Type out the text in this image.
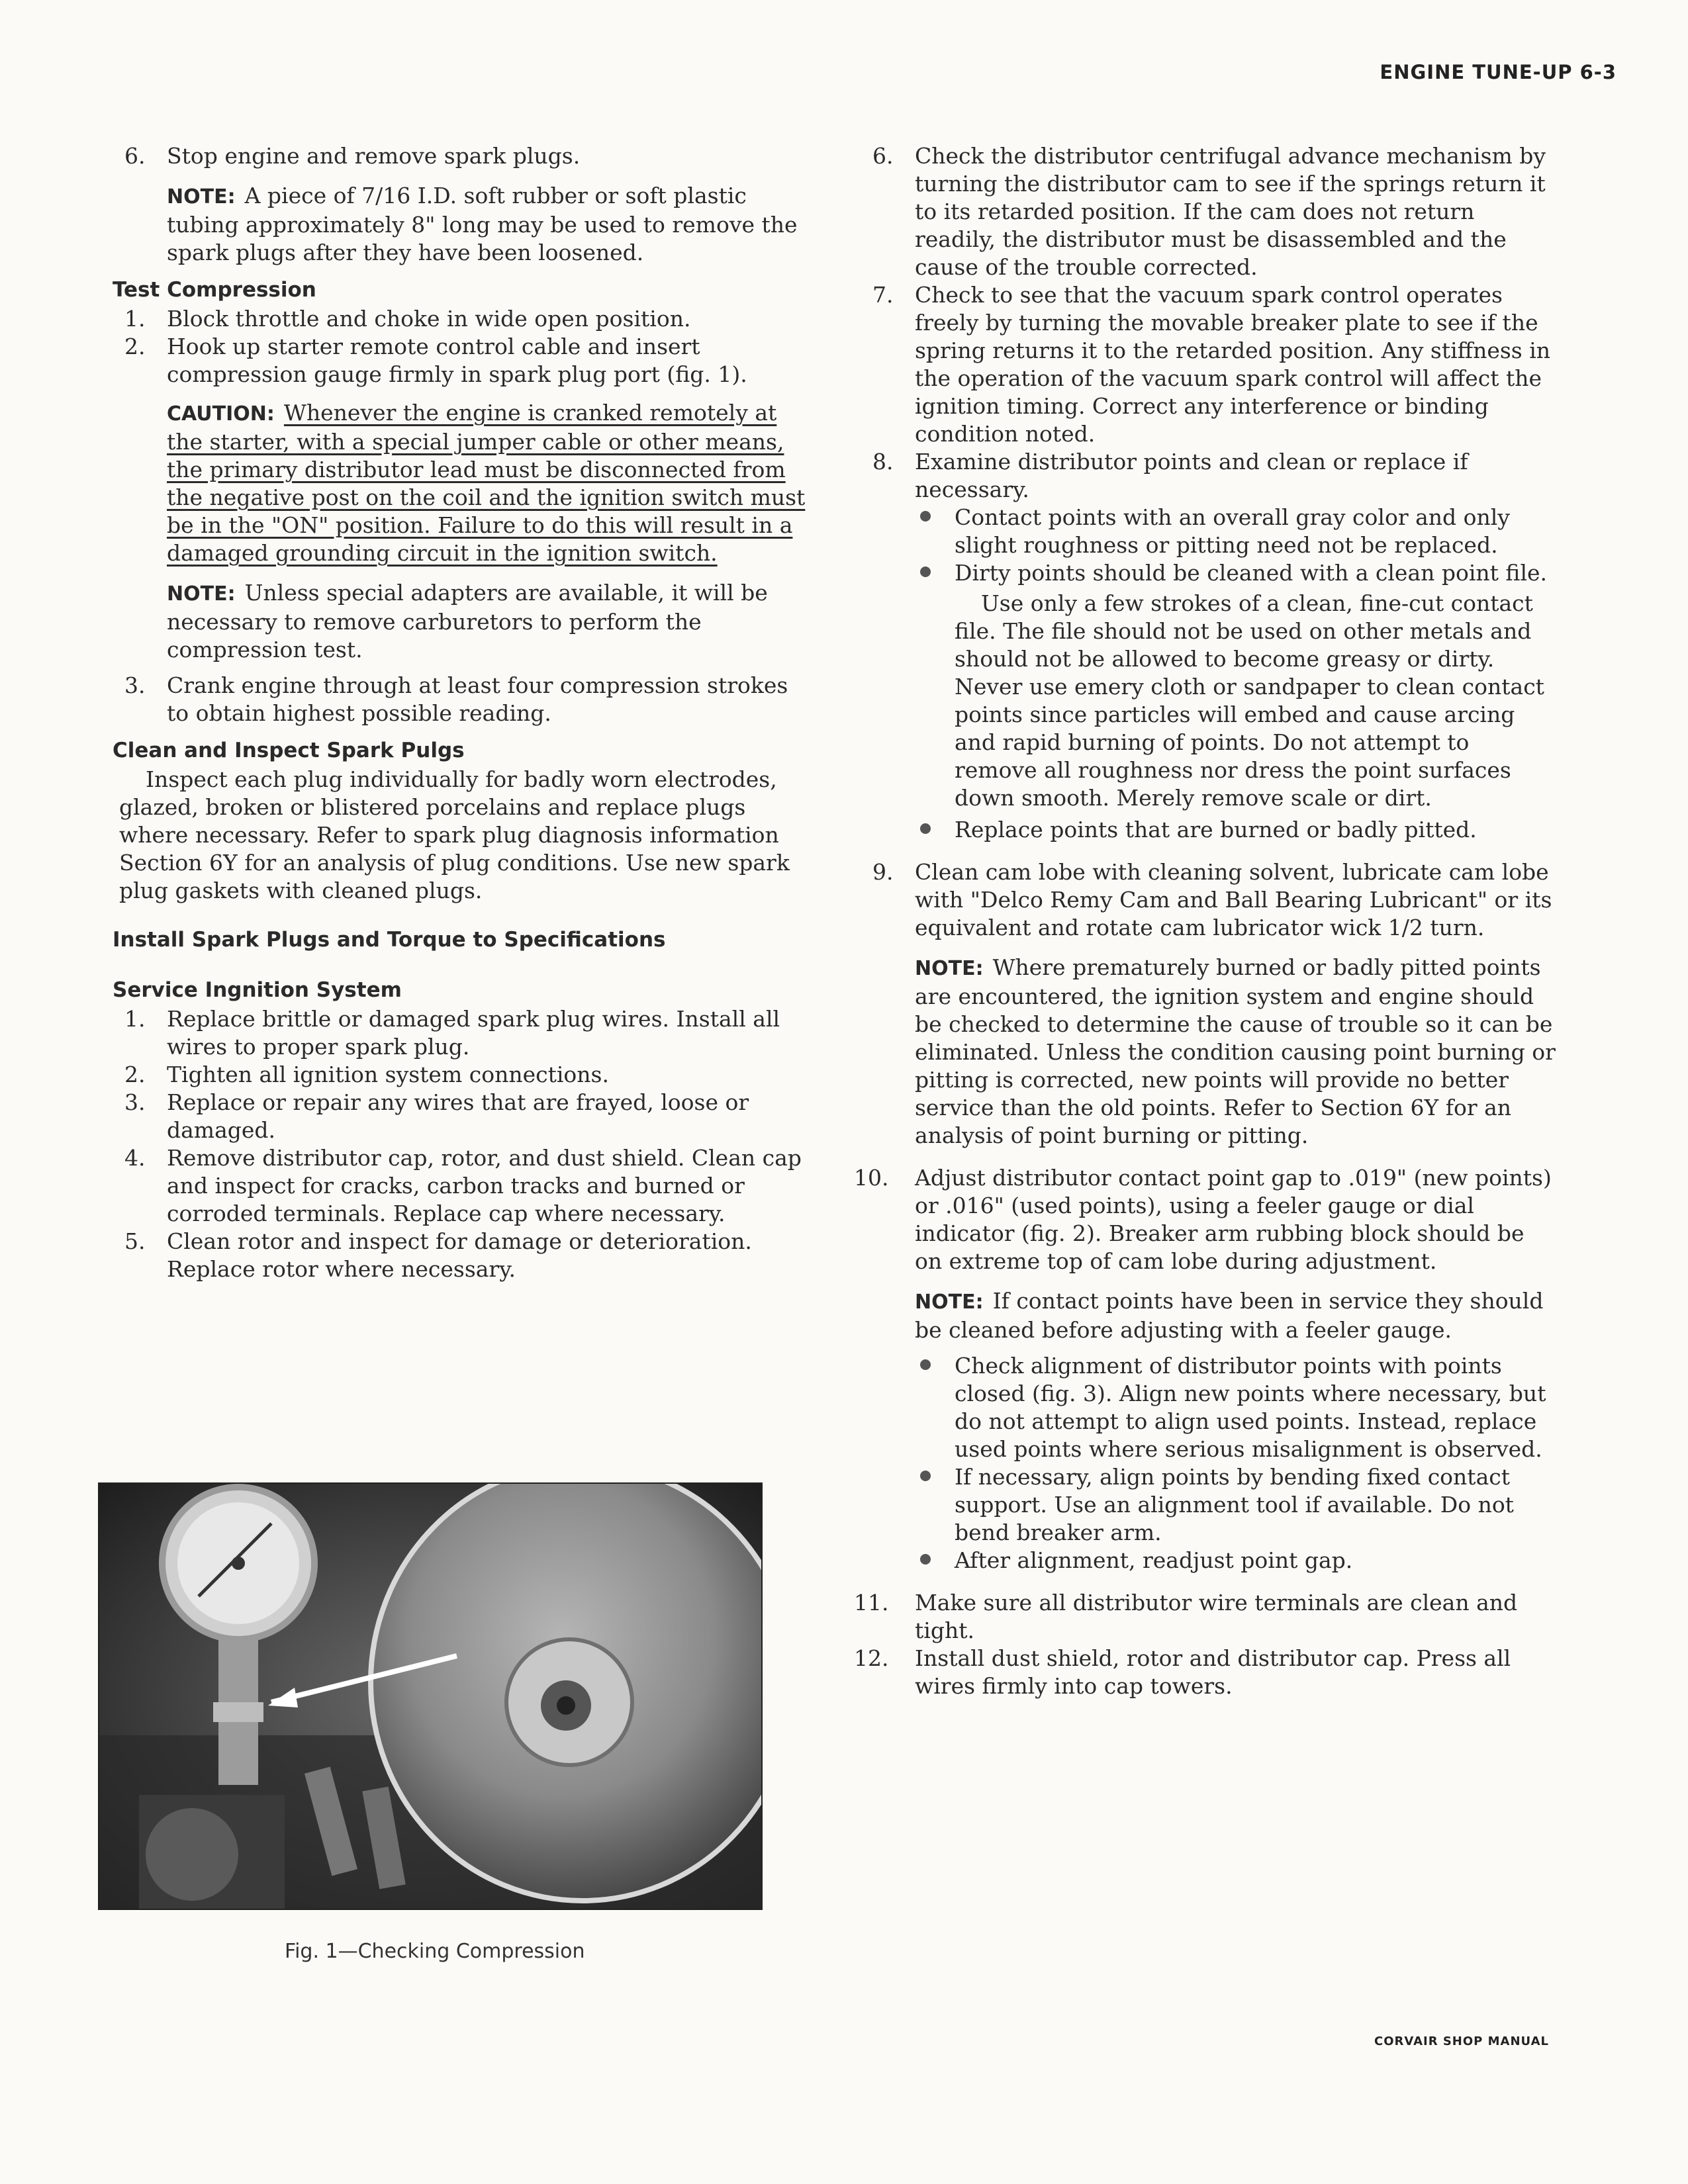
ENGINE TUNE-UP 6-3
6. Stop engine and remove spark plugs.

NOTE: A piece of 7/16 I.D. soft rubber or soft plastic tubing approximately 8" long may be used to remove the spark plugs after they have been loosened.

Test Compression
1. Block throttle and choke in wide open position.
2. Hook up starter remote control cable and insert compression gauge firmly in spark plug port (fig. 1).

CAUTION: Whenever the engine is cranked remotely at the starter, with a special jumper cable or other means, the primary distributor lead must be disconnected from the negative post on the coil and the ignition switch must be in the "ON" position. Failure to do this will result in a damaged grounding circuit in the ignition switch.

NOTE: Unless special adapters are available, it will be necessary to remove carburetors to perform the compression test.

3. Crank engine through at least four compression strokes to obtain highest possible reading.
Clean and Inspect Spark Pulgs

Inspect each plug individually for badly worn electrodes, glazed, broken or blistered porcelains and replace plugs where necessary. Refer to spark plug diagnosis information Section 6Y for an analysis of plug conditions. Use new spark plug gaskets with cleaned plugs.

Install Spark Plugs and Torque to Specifications
Service Ingnition System
1. Replace brittle or damaged spark plug wires. Install all wires to proper spark plug.
2. Tighten all ignition system connections.
3. Replace or repair any wires that are frayed, loose or damaged.
4. Remove distributor cap, rotor, and dust shield. Clean cap and inspect for cracks, carbon tracks and burned or corroded terminals. Replace cap where necessary.
5. Clean rotor and inspect for damage or deterioration. Replace rotor where necessary.
Fig. 1—Checking Compression
6. Check the distributor centrifugal advance mechanism by turning the distributor cam to see if the springs return it to its retarded position. If the cam does not return readily, the distributor must be disassembled and the cause of the trouble corrected.
7. Check to see that the vacuum spark control operates freely by turning the movable breaker plate to see if the spring returns it to the retarded position. Any stiffness in the operation of the vacuum spark control will affect the ignition timing. Correct any interference or binding condition noted.
8. Examine distributor points and clean or replace if necessary.
Contact points with an overall gray color and only slight roughness or pitting need not be replaced.
Dirty points should be cleaned with a clean point file.

Use only a few strokes of a clean, fine-cut contact file. The file should not be used on other metals and should not be allowed to become greasy or dirty. Never use emery cloth or sandpaper to clean contact points since particles will embed and cause arcing and rapid burning of points. Do not attempt to remove all roughness nor dress the point surfaces down smooth. Merely remove scale or dirt.

Replace points that are burned or badly pitted.
9. Clean cam lobe with cleaning solvent, lubricate cam lobe with "Delco Remy Cam and Ball Bearing Lubricant" or its equivalent and rotate cam lubricator wick 1/2 turn.

NOTE: Where prematurely burned or badly pitted points are encountered, the ignition system and engine should be checked to determine the cause of trouble so it can be eliminated. Unless the condition causing point burning or pitting is corrected, new points will provide no better service than the old points. Refer to Section 6Y for an analysis of point burning or pitting.

10. Adjust distributor contact point gap to .019" (new points) or .016" (used points), using a feeler gauge or dial indicator (fig. 2). Breaker arm rubbing block should be on extreme top of cam lobe during adjustment.

NOTE: If contact points have been in service they should be cleaned before adjusting with a feeler gauge.

Check alignment of distributor points with points closed (fig. 3). Align new points where necessary, but do not attempt to align used points. Instead, replace used points where serious misalignment is observed.
If necessary, align points by bending fixed contact support. Use an alignment tool if available. Do not bend breaker arm.
After alignment, readjust point gap.
11. Make sure all distributor wire terminals are clean and tight.
12. Install dust shield, rotor and distributor cap. Press all wires firmly into cap towers.
CORVAIR SHOP MANUAL
